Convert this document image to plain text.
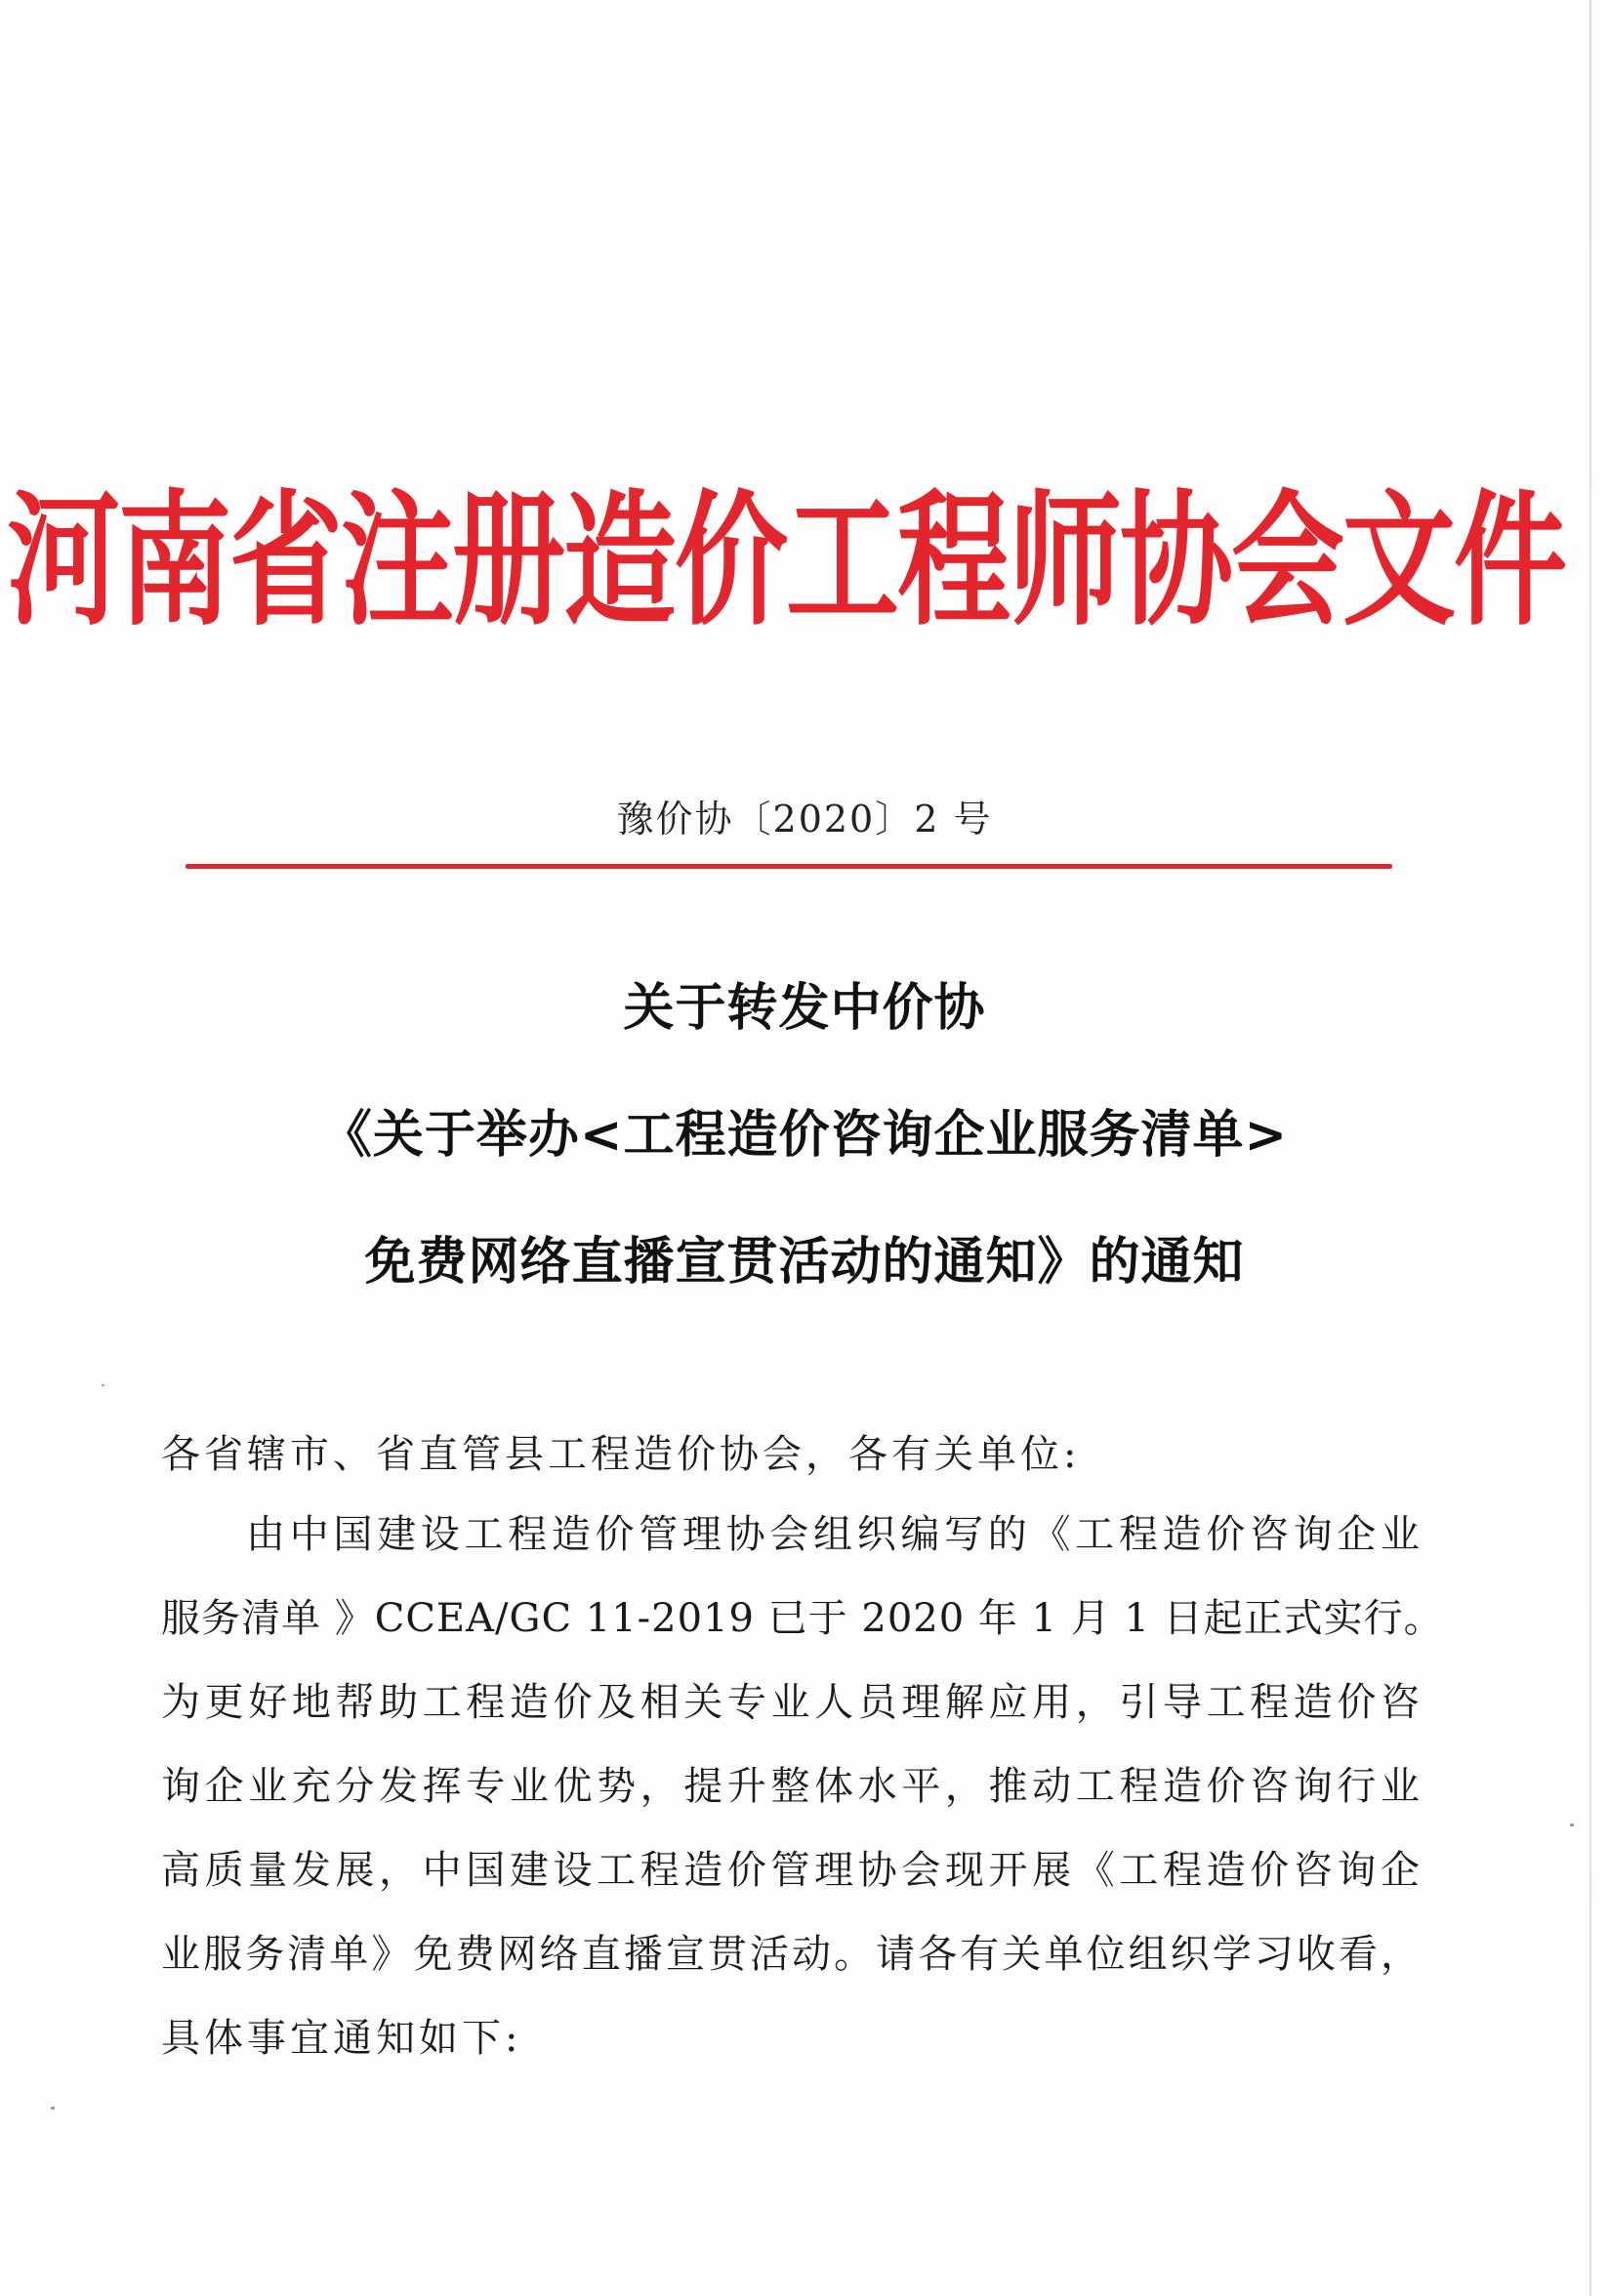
河南省注册造价工程师协会文件
豫价协〔2020〕2 号
关于转发中价协
《关于举办<工程造价咨询企业服务清单>
免费网络直播宣贯活动的通知》的通知
各省辖市、省直管县工程造价协会，各有关单位:
由中国建设工程造价管理协会组织编写的《工程造价咨询企业
服务清单 》CCEA/GC 11-2019 已于 2020 年 1 月 1 日起正式实行。
为更好地帮助工程造价及相关专业人员理解应用，引导工程造价咨
询企业充分发挥专业优势，提升整体水平，推动工程造价咨询行业
高质量发展，中国建设工程造价管理协会现开展《工程造价咨询企
业服务清单》免费网络直播宣贯活动。请各有关单位组织学习收看，
具体事宜通知如下:
